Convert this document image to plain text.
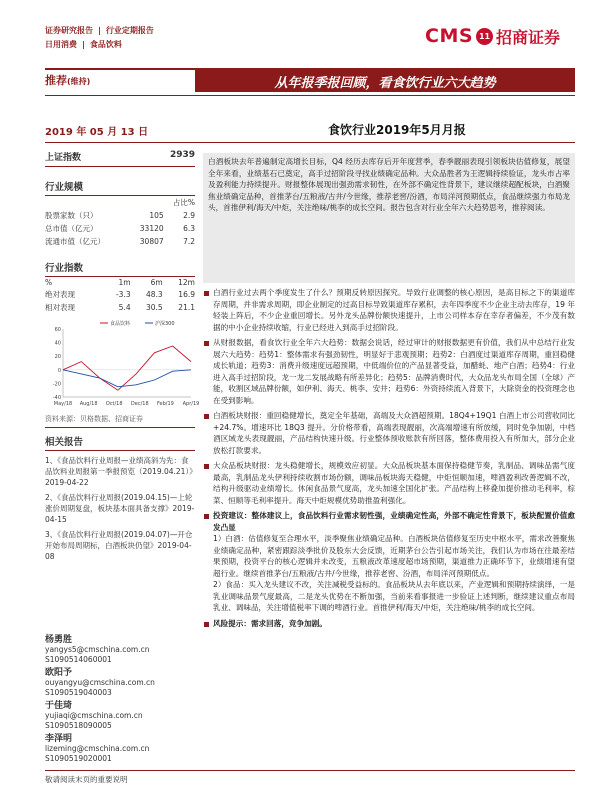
证券研究报告 | 行业定期报告
日用消费 | 食品饮料	CMS 11 招商证券
推荐(维持)	从年报季报回顾，看食饮行业六大趋势
2019 年 05 月 13 日	食饮行业2019年5月月报
上证指数	2939
行业规模
		占比%
股票家数（只）	105	2.9
总市值（亿元）	33120	6.3
流通市值（亿元）	30807	7.2
行业指数
%	1m	6m	12m
绝对表现	-3.3	48.3	16.9
相对表现	5.4	30.5	21.1
60
40
20
0
-20
-40
May/18 Aug/18 Oct/18 Dec/18 Feb/19 Apr/19
食品饮料	沪深300
资料来源：贝格数据、招商证券
相关报告

1、《食品饮料行业周报—业绩高斜为先：食品饮料业周报第一季报预览（2019.04.21）》2019-04-22

2、《食品饮料行业周报(2019.04.15)—上轮涨价周期复盘，板块基本面具备支撑》2019-04-15

3、《食品饮料行业周报(2019.04.07)—开仓开始布局周期标，白酒板块仍望》2019-04-08

杨勇胜
yangys5@cmschina.com.cn
S1090514060001
欧阳予
ouyangyu@cmschina.com.cn
S1090519040003
于佳琦
yujiaqi@cmschina.com.cn
S1090518090005
李泽明
lizeming@cmschina.com.cn
S1090519020001
白酒板块去年普遍制定高增长目标，Q4 经历去库存后开年度营季，春季靓丽表现引领板块估值修复，展望全年来看，业绩基石已奠定，高手过招阶段寻找业绩确定品种。大众品胜者为王逻辑持续验证，龙头市占率及盈利能力持续提升。财报整体展现出强劲需求韧性，在外部不确定性背景下，建议继续超配板块，白酒聚焦业绩确定品种，首推茅台/五粮液/古井/今世缘，推荐老窖/汾酒，布局洋河预期低点，食品继续强力布局龙头，首推伊利/海天/中炬，关注绝味/桃李的成长空间。报告包含对行业全年六大趋势思考，推荐阅读。
白酒行业过去两个季度发生了什么？预期反转原因探究。导致行业调整的核心原因，是高目标之下的渠道库存周期，并非需求周期，即企业制定的过高目标导致渠道库存累积，去年四季度不少企业主动去库存，19 年轻装上阵后，不少企业重回增长。另外龙头品牌份额快速提升，上市公司样本存在幸存者偏差，不少茂有数据的中小企业持续收缩，行业已经进入到高手过招阶段。
从财报数据，看食饮行业全年六大趋势：数据会说话，经过审计的财报数据更有价值，我们从中总结行业发展六大趋势：趋势1：整体需求有强劲韧性，明显好于悲观预期；趋势2：白酒度过渠道库存周期，重回稳健成长轨道；趋势3：消费升级速度远超预期，中低端价位的产品显著受益，加醋蚝、地产白酒；趋势4：行业进入高手过招阶段，龙一龙二发展战略有所差异化；趋势5：品牌消费时代，大众品龙头布局全国（全球）产能，收割区域品牌份额，如伊利、海天、桃李、安井；趋势6：外资持续流入背景下，大除资金的投资理念也在受到影响。
白酒板块财报：重回稳健增长，奠定全年基础，高端及大众酒超预期。18Q4+19Q1 白酒上市公司营收同比+24.7%。增速环比 18Q3 提升。分价格带看，高端表现靓丽，次高端增速有所放缓，同时免争加剧，中档酒区域龙头表现靓丽，产品结构快速升级。行业整体预收账款有所回落，整体费用投入有所加大，部分企业放松打款要求。
大众品板块财报：龙头稳健增长，规模效应初显。大众品板块基本面保持稳健节奏，乳制品、调味品需气度最高，乳制品龙头伊利持续收割市场份额，调味品板块海天稳健，中炬恒顺加速，啤酒盈利改善逻辑不改，结构升级驱动业绩增长。休闲食品景气度高，龙头加速全国化扩张。产品结构上移叠加提价推动毛利率，棕菜、恒顺等毛利率提升。海天中炬规模优势助推盈利强化。
投资建议：整体建议上，食品饮料行业需求韧性强，业绩确定性高，外部不确定性背景下，板块配置价值愈发凸显
1）白酒：估值修复至合理水平，淡季聚焦业绩确定品种。白酒板块估值修复至历史中枢水平，需求改善聚焦业绩确定品种，紧密跟踪淡季批价及股东大会反馈，近期茅台公告引起市场关注，我们认为市场在往最差结果预期，投资平台的核心逻辑并未改变，五粮液改革速度超市场预期，渠道推力正确环节下，业绩增速有望超行业。继续首推茅台/五粮液/古井/今世缘，推荐老窖、汾酒，布局洋河预期低点。
2）食品：买入龙头建议不改，关注减税受益标的。食品板块从去年底以来，产业逻辑和预期持续演绎，一是乳业调味品景气度最高，二是龙头优势在不断加强，当前来看事报进一步验证上述判断，继续建议重点布局乳业、调味品，关注增值税率下调的啤酒行业。首推伊利/海天/中炬，关注绝味/桃李的成长空间。
风险提示：需求回落，竞争加剧。
敬请阅读末页的重要说明
